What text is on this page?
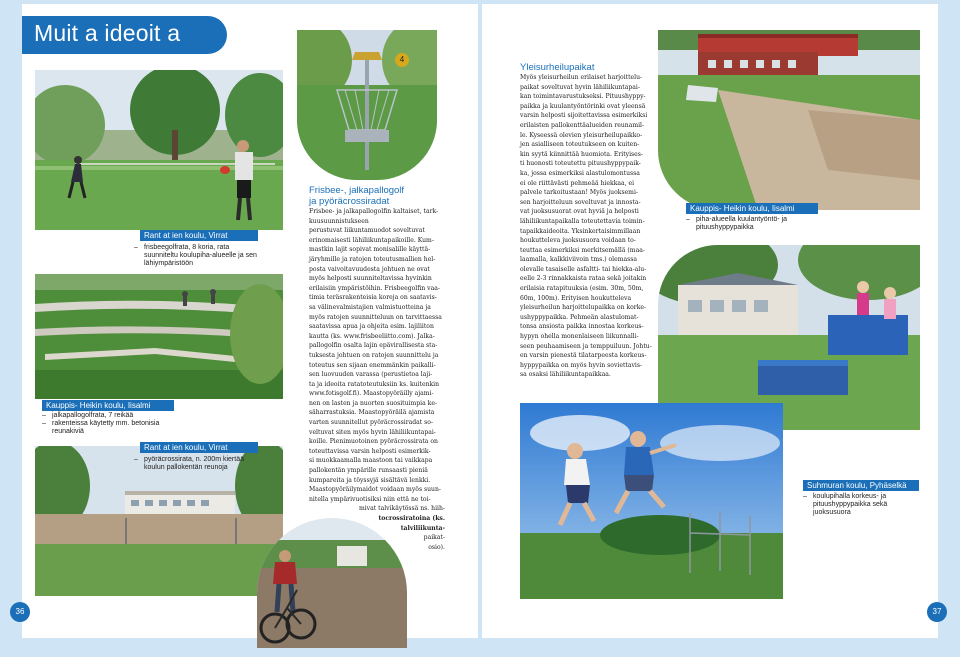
4
Muit a ideoit a
Rant at ien koulu, Virrat
– frisbeegolfrata, 8 koria, rata suunniteltu koulupiha-alueelle ja sen lähiympäristöön
Kauppis- Heikin koulu, Iisalmi
– jalkapallogolfrata, 7 reikää
– rakenteissa käytetty mm. betonisia reunakiviä
Rant at ien koulu, Virrat
– pyöräcrossirata, n. 200m kiertää koulun pallokentän reunoja
Kauppis- Heikin koulu, Iisalmi
– piha-alueella kuulantyöntö- ja pituushyppypaikka
Suhmuran koulu, Pyhäselkä
– koulupihalla korkeus- ja pituushyppypaikka sekä juoksusuora
Frisbee-, jalkapallogolf
ja pyöräcrossiradat
Frisbee- ja jalkapallogolfin kaltaiset, tark-
kuusuunnistukseen
perustuvat liikuntamuodot soveltuvat
erinomaisesti lähiliikuntapaikoille. Kum-
mastkin lajit sopivat monisalille käyttä-
järyhmille ja ratojen toteutusmallien hel-
posta vaivoitavuudesta johtuen ne ovat
myös helposti suunniteltavissa hyvinkin
erilaisiin ympäristöihin. Frisbeegolfin vaa-
timia teräsrakenteisia koreja on saatavis-
sa välinevalmistajien valmistuotteina ja
myös ratojen suunnitteluun on tarvittaessa
saatavissa apua ja ohjeita esim. lajiliiton
kautta (ks. www.frisbeeliitto.com). Jalka-
pallogolfin osalta lajin epävirallisesta sta-
tuksesta johtuen on ratojen suunnittelu ja
toteutus sen sijaan enemmänkin paikalli-
sen luovuuden varassa (perustietoa laji-
ta ja ideoita ratatoteutuksiin ks. kuitenkin
www.fotisgolf.fi). Maastopyöräilly ajami-
nen on lasten ja nuorten suosituimpia ke-
säharrastuksia. Maastopyöräilä ajamista
varten suunnitellut pyöräcrossiradat so-
veltuvat siten myös hyvin lähiliikuntapai-
koille. Pienimuotoinen pyöräcrossirata on
toteuttavissa varsin helposti esimerkik-
si muokkaamalla maastoon tai vaikkapa
pallokentän ympärille runsaasti pieniä
kumpareita ja töyssyjä sisältävä lenkki.
Maastopyöräilymaidot voidaan myös suun-
nitella ympärivuotisiksi niin että ne toi-
mivat talvikäytössä ns. hiih-
tocrossiratoina (ks.
talviliikunta-
paikat-
osio).
Yleisurheilupaikat
Myös yleisurheilun erilaiset harjoittelu-
paikat soveltuvat hyvin lähiliikuntapai-
kan toimintavarustukseksi. Pituushyppy-
paikka ja kuulantyöntörinki ovat yleensä
varsin helposti sijoitettavissa esimerkiksi
erilaisten pallokenttäalueiden reunamil-
le. Kyseessä olevien yleisurheilupaikko-
jen asialliseen toteutukseen on kuiten-
kin syytä kiinnittää huomiota. Erityises-
ti huonosti toteutettu pituushyppypaik-
ka, jossa esimerkiksi alastulomontussa
ei ole riittävästi pehmeää hiekkaa, ei
palvele tarkoitustaan! Myös juoksemi-
sen harjoitteluun soveltuvat ja innosta-
vat juoksusuorat ovat hyviä ja helposti
lähiliikuntapaikalla toteutettavia toimin-
tapaikkaideoita. Yksinkertaisimmillaan
houkutteleva juoksusuora voidaan to-
teuttaa esimerkiksi merkitsemällä (maa-
laamalla, kalkkiviivoin tms.) olemassa
olevalle tasaiselle asfaltti- tai hiekka-alu-
eelle 2-3 rinnakkaista rataa sekä joitakin
erilaisia ratapituuksia (esim. 30m, 50m,
60m, 100m). Erityisen houkutteleva
yleisurheilun harjoittelupaikka on korke-
ushyppypaikka. Pehmeän alastulomat-
tonsa ansiosta paikka innostaa korkeus-
hypyn ohella monenlaiseen liikunnalli-
seen peuhaamiseen ja temppuiluun. Johtu-
en varsin pienestä tilatarpeesta korkeus-
hyppypaikka on myös hyvin soviettavis-
sa osaksi lähiliikuntapaikkaa.
36	37
